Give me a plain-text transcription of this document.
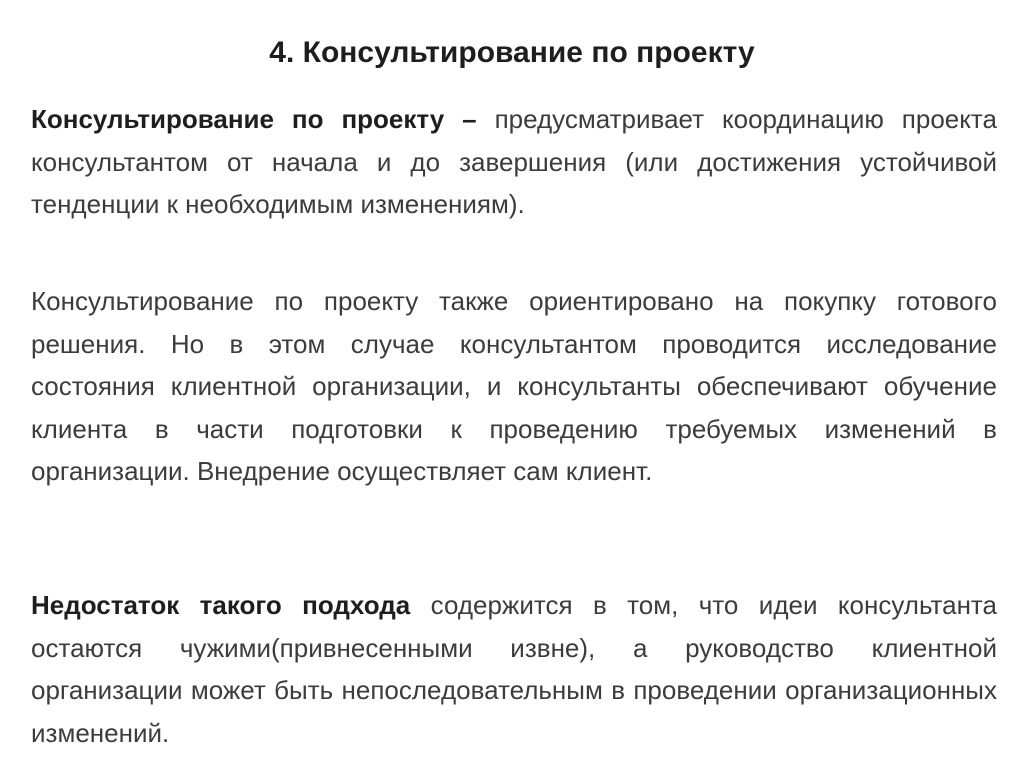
4. Консультирование по проекту

Консультирование по проекту – предусматривает координацию проекта консультантом от начала и до завершения (или достижения устойчивой тенденции к необходимым изменениям).

Консультирование по проекту также ориентировано на покупку готового решения. Но в этом случае консультантом проводится исследование состояния клиентной организации, и консультанты обеспечивают обучение клиента в части подготовки к проведению требуемых изменений в организации. Внедрение осуществляет сам клиент.

Недостаток такого подхода содержится в том, что идеи консультанта остаются чужими(привнесенными извне), а руководство клиентной организации может быть непоследовательным в проведении организационных изменений.
